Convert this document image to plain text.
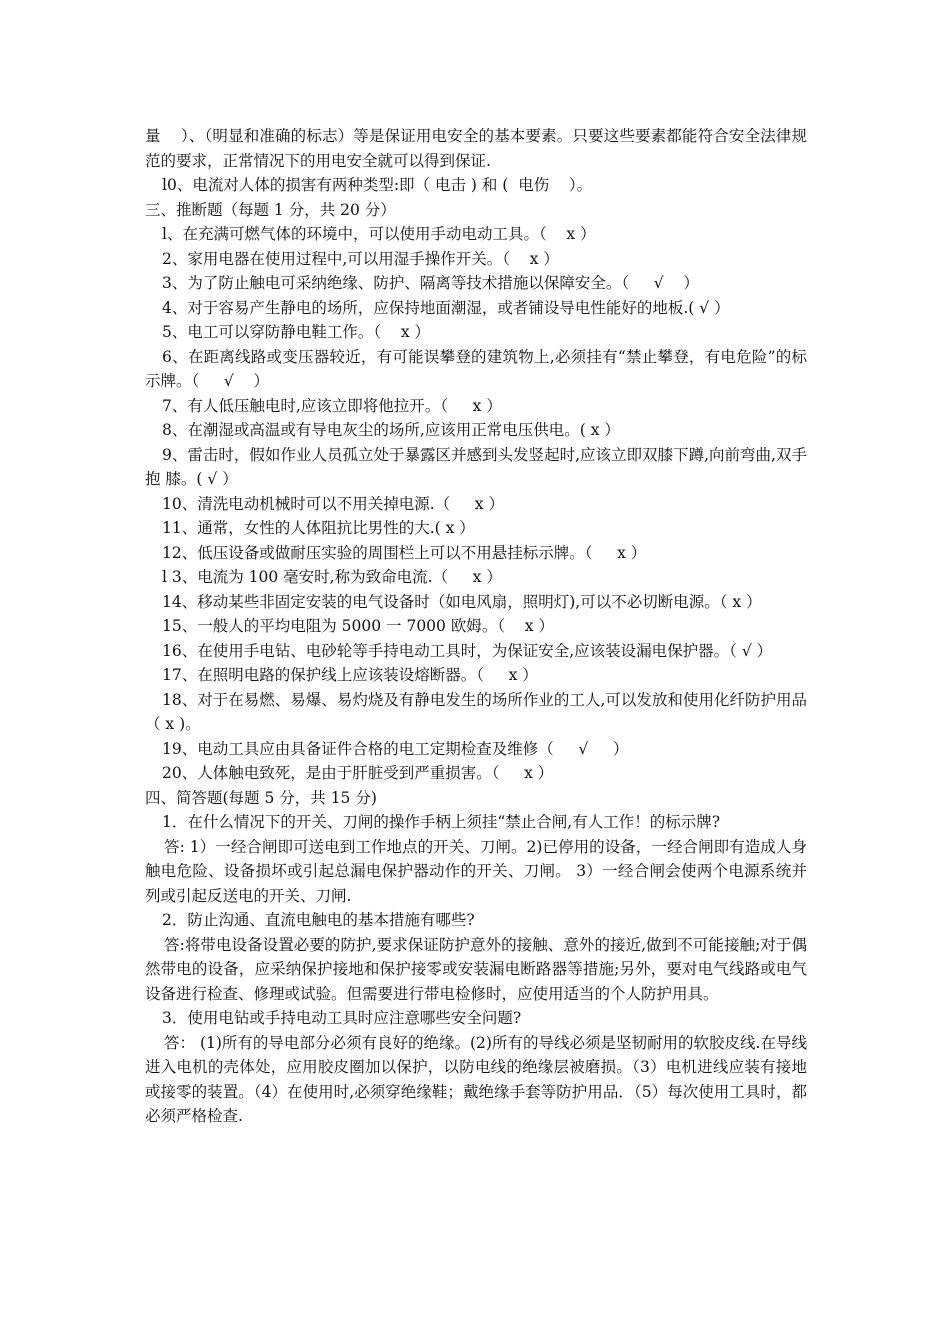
量    ）、（明显和准确的标志）等是保证用电安全的基本要素。只要这些要素都能符合安全法律规范的要求，正常情况下的用电安全就可以得到保证.

l0、电流对人体的损害有两种类型:即（ 电击 ) 和 (  电伤    ）。

三、推断题（每题 1 分，共 20 分）

l、在充满可燃气体的环境中，可以使用手动电动工具。（    x ）

2、家用电器在使用过程中,可以用湿手操作开关。（    x ）

3、为了防止触电可采纳绝缘、防护、隔离等技术措施以保障安全。（     √    ）

4、对于容易产生静电的场所，应保持地面潮湿，或者铺设导电性能好的地板.( √ ）

5、电工可以穿防静电鞋工作。（    x ）

6、在距离线路或变压器较近，有可能误攀登的建筑物上,必须挂有“禁止攀登，有电危险”的标示牌。（     √    ）

7、有人低压触电时,应该立即将他拉开。（     x ）

8、在潮湿或高温或有导电灰尘的场所,应该用正常电压供电。( x ）

9、雷击时，假如作业人员孤立处于暴露区并感到头发竖起时,应该立即双膝下蹲,向前弯曲,双手抱 膝。( √ ）

10、清洗电动机械时可以不用关掉电源.（     x ）

11、通常，女性的人体阻抗比男性的大.( x ）

12、低压设备或做耐压实验的周围栏上可以不用悬挂标示牌。（     x ）

l 3、电流为 100 毫安时,称为致命电流.（     x ）

14、移动某些非固定安装的电气设备时（如电风扇，照明灯),可以不必切断电源。（ x ）

15、一般人的平均电阻为 5000 一 7000 欧姆。（    x ）

16、在使用手电钻、电砂轮等手持电动工具时，为保证安全,应该装设漏电保护器。（ √ ）

17、在照明电路的保护线上应该装设熔断器。（     x ）

18、对于在易燃、易爆、易灼烧及有静电发生的场所作业的工人,可以发放和使用化纤防护用品（ x )。

19、电动工具应由具备证件合格的电工定期检查及维修（     √     ）

20、人体触电致死，是由于肝脏受到严重损害。（     x ）

四、简答题(每题 5 分，共 15 分)

1．在什么情况下的开关、刀闸的操作手柄上须挂“禁止合闸,有人工作！的标示牌?

答: 1）一经合闸即可送电到工作地点的开关、刀闸。2)已停用的设备，一经合闸即有造成人身触电危险、设备损坏或引起总漏电保护器动作的开关、刀闸。 3）一经合闸会使两个电源系统并列或引起反送电的开关、刀闸.

2．防止沟通、直流电触电的基本措施有哪些?

答:将带电设备设置必要的防护,要求保证防护意外的接触、意外的接近,做到不可能接触;对于偶然带电的设备，应采纳保护接地和保护接零或安装漏电断路器等措施;另外，要对电气线路或电气设备进行检查、修理或试验。但需要进行带电检修时，应使用适当的个人防护用具。

3．使用电钻或手持电动工具时应注意哪些安全问题?

答： (1)所有的导电部分必须有良好的绝缘。(2)所有的导线必须是坚韧耐用的软胶皮线.在导线进入电机的壳体处，应用胶皮圈加以保护，以防电线的绝缘层被磨损。（3）电机进线应装有接地或接零的装置。（4）在使用时,必须穿绝缘鞋；戴绝缘手套等防护用品．（5）每次使用工具时，都必须严格检查.
